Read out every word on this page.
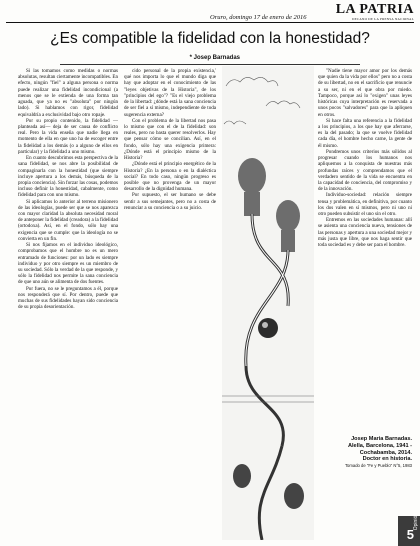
LA PATRIA
DECANO DE LA PRENSA NACIONAL
Oruro, domingo 17 de enero de 2016
¿Es compatible la fidelidad con la honestidad?
* Josep Barnadas

Si las tomamos como medidas o normas absolutas, resultan ciertamente incompatibles. En efecto, ningún "fiel" a alguna persona o norma puede realizar una fidelidad incondicional (a menos que se le extienda de una forma tan aguada, que ya no es "absoluta" por ningún lado). Si hablamos con rigor, fidelidad equivaldría a exclusividad bajo otro ropaje.

Por su propio contenido, la fidelidad —planteada así— deja de ser causa de conflicto real. Pero la vida enseña que nadie llega en momento de ella en que uno ha de escoger entre la fidelidad a los demás (o a alguno de ellos en particular) y la fidelidad a uno mismo.

En cuanto descubrimos esta perspectiva de la sana fidelidad, se nos abre la posibilidad de compaginarla con la honestidad (que siempre incluye apertura a los demás, búsqueda de la propia conciencia). Sin forzar las cosas, podemos incluso definir la honestidad, cabalmente, como fidelidad para con uno mismo.

Si aplicamos lo anterior al terreno misionero de las ideologías, puede ser que se nos aparezca con mayor claridad la absoluta necesidad moral de anteponer la fidelidad (creadora) a la fidelidad (ortodoxa). Así, en el fondo, sólo hay una exigencia que se cumple: que la ideología no se convierta en un fin.

Si nos fijamos en el individuo ideológico, comprobamos que el hombre no es un mero entramado de funciones: por un lado es siempre individuo y por otro siempre es un miembro de su sociedad. Sólo la verdad de la que responde, y sólo la fidelidad nos permite la sana conciencia de que uno aún se alimenta de dos fuentes.

Por fuera, no se le preguntamos a él, porque nos responderá que sí. Por dentro, puede que muchas de sus fidelidades hayan sido conciencia de su propia desorientación.

cido personal de la propia existencia,' qué nos importa lo que el mundo diga que hay que adoptar en el conocimiento de las "leyes objetivas de la Historia", de los "principios del ego"? "Es el viejo problema de la libertad: ¿dónde está la sana conciencia de ser fiel a sí mismo, independiente de toda sugerencia externa?

Con el problema de la libertad nos pasa lo mismo que con el de la fidelidad: son reales, pero no basta querer resolverlos. Hay que pensar cómo se concilian. Así, en el fondo, sólo hay una exigencia primera: ¿Dónde está el principio mismo de la Historia?

¿Dónde está el principio energético de la Historia? ¿En la persona o en la dialéctica social? En todo caso, ningún progreso es posible que no provenga de un mayor desarrollo de la dignidad humana.

Por supuesto, el ser humano se debe sentir a sus semejantes, pero no a costa de renunciar a su conciencia o a su juicio.

"Nadie tiene mayor amor por los demás que quien da la vida por ellos" pero no a costa de su libertad, no en el sacrificio que renuncie a su ser, ni en el que obra por miedo. Tampoco, porque así lo "exigen" unas leyes históricas cuya interpretación es reservada a unos pocos "salvadores" para que la apliquen en otros.

Si hace falta una referencia a la fidelidad a los principios, a los que hay que aferrarse, es la del pasado; la que se vuelve fidelidad cada día, el hombre hecho carne, la gente de él mismo.

Pondremos unos criterios más sólidos al progresar cuando los humanos nos apliquemos a la conquista de nuestras más profundas raíces y comprendamos que el verdadero sentido de la vida se encuentra en la capacidad de conciencia, del compromiso y de la innovación.

Individuo-sociedad: relación siempre tensa y problemática, en definitiva, por cuanto los dos valen en sí mismos, pero ni uno ni otro pueden subsistir el uno sin el otro.

Entremos en las sociedades humanas: allí se asienta una conciencia nueva, tensiones de las personas y apertura a una sociedad mejor y más justa que libre, que nos haga sentir que toda sociedad es y debe ser para el hombre.

Josep Maria Barnadas.
Alella, Barcelona, 1941 -
Cochabamba, 2014.
Doctor en historia.
Tomado de "Fe y Pueblo" N°5, 1983
5
Opinión
